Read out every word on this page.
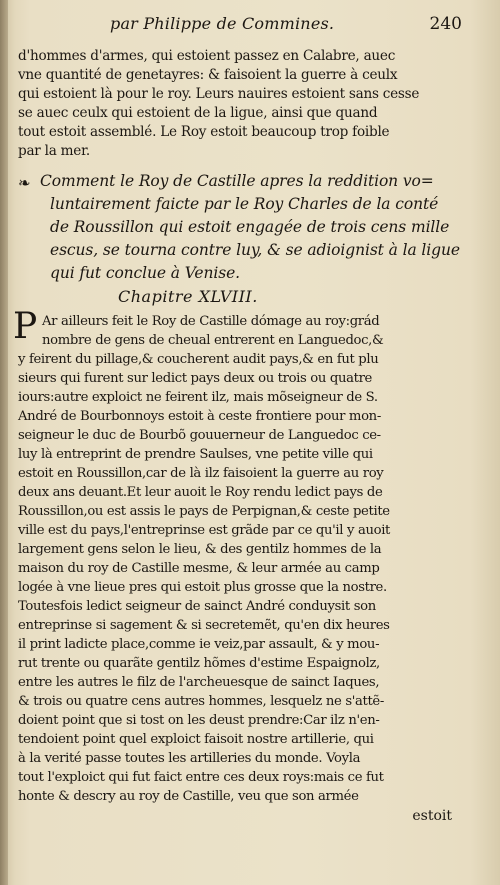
par Philippe de Commines.	240
d'hommes d'armes, qui estoient passez en Calabre, auec
vne quantité de genetayres: & faisoient la guerre à ceulx
qui estoient là pour le roy. Leurs nauires estoient sans cesse
se auec ceulx qui estoient de la ligue, ainsi que quand
tout estoit assemblé. Le Roy estoit beaucoup trop foible
par la mer.
❧ Comment le Roy de Castille apres la reddition vo=
luntairement faicte par le Roy Charles de la conté
de Roussillon qui estoit engagée de trois cens mille
escus, se tourna contre luy, & se adioignist à la ligue
qui fut conclue à Venise.
Chapitre XLVIII.
P Ar ailleurs feit le Roy de Castille dómage au roy:grád
nombre de gens de cheual entrerent en Languedoc,&
y feirent du pillage,& coucherent audit pays,& en fut plu
sieurs qui furent sur ledict pays deux ou trois ou quatre
iours:autre exploict ne feirent ilz, mais mõseigneur de S.
André de Bourbonnoys estoit à ceste frontiere pour mon-
seigneur le duc de Bourbõ gouuerneur de Languedoc ce-
luy là entreprint de prendre Saulses, vne petite ville qui
estoit en Roussillon,car de là ilz faisoient la guerre au roy
deux ans deuant.Et leur auoit le Roy rendu ledict pays de
Roussillon,ou est assis le pays de Perpignan,& ceste petite
ville est du pays,l'entreprinse est grãde par ce qu'il y auoit
largement gens selon le lieu, & des gentilz hommes de la
maison du roy de Castille mesme, & leur armée au camp
logée à vne lieue pres qui estoit plus grosse que la nostre.
Toutesfois ledict seigneur de sainct André conduysit son
entreprinse si sagement & si secretemẽt, qu'en dix heures
il print ladicte place,comme ie veiz,par assault, & y mou-
rut trente ou quarãte gentilz hõmes d'estime Espaignolz,
entre les autres le filz de l'archeuesque de sainct Iaques,
& trois ou quatre cens autres hommes, lesquelz ne s'attẽ-
doient point que si tost on les deust prendre:Car ilz n'en-
tendoient point quel exploict faisoit nostre artillerie, qui
à la verité passe toutes les artilleries du monde. Voyla
tout l'exploict qui fut faict entre ces deux roys:mais ce fut
honte & descry au roy de Castille, veu que son armée
estoit
